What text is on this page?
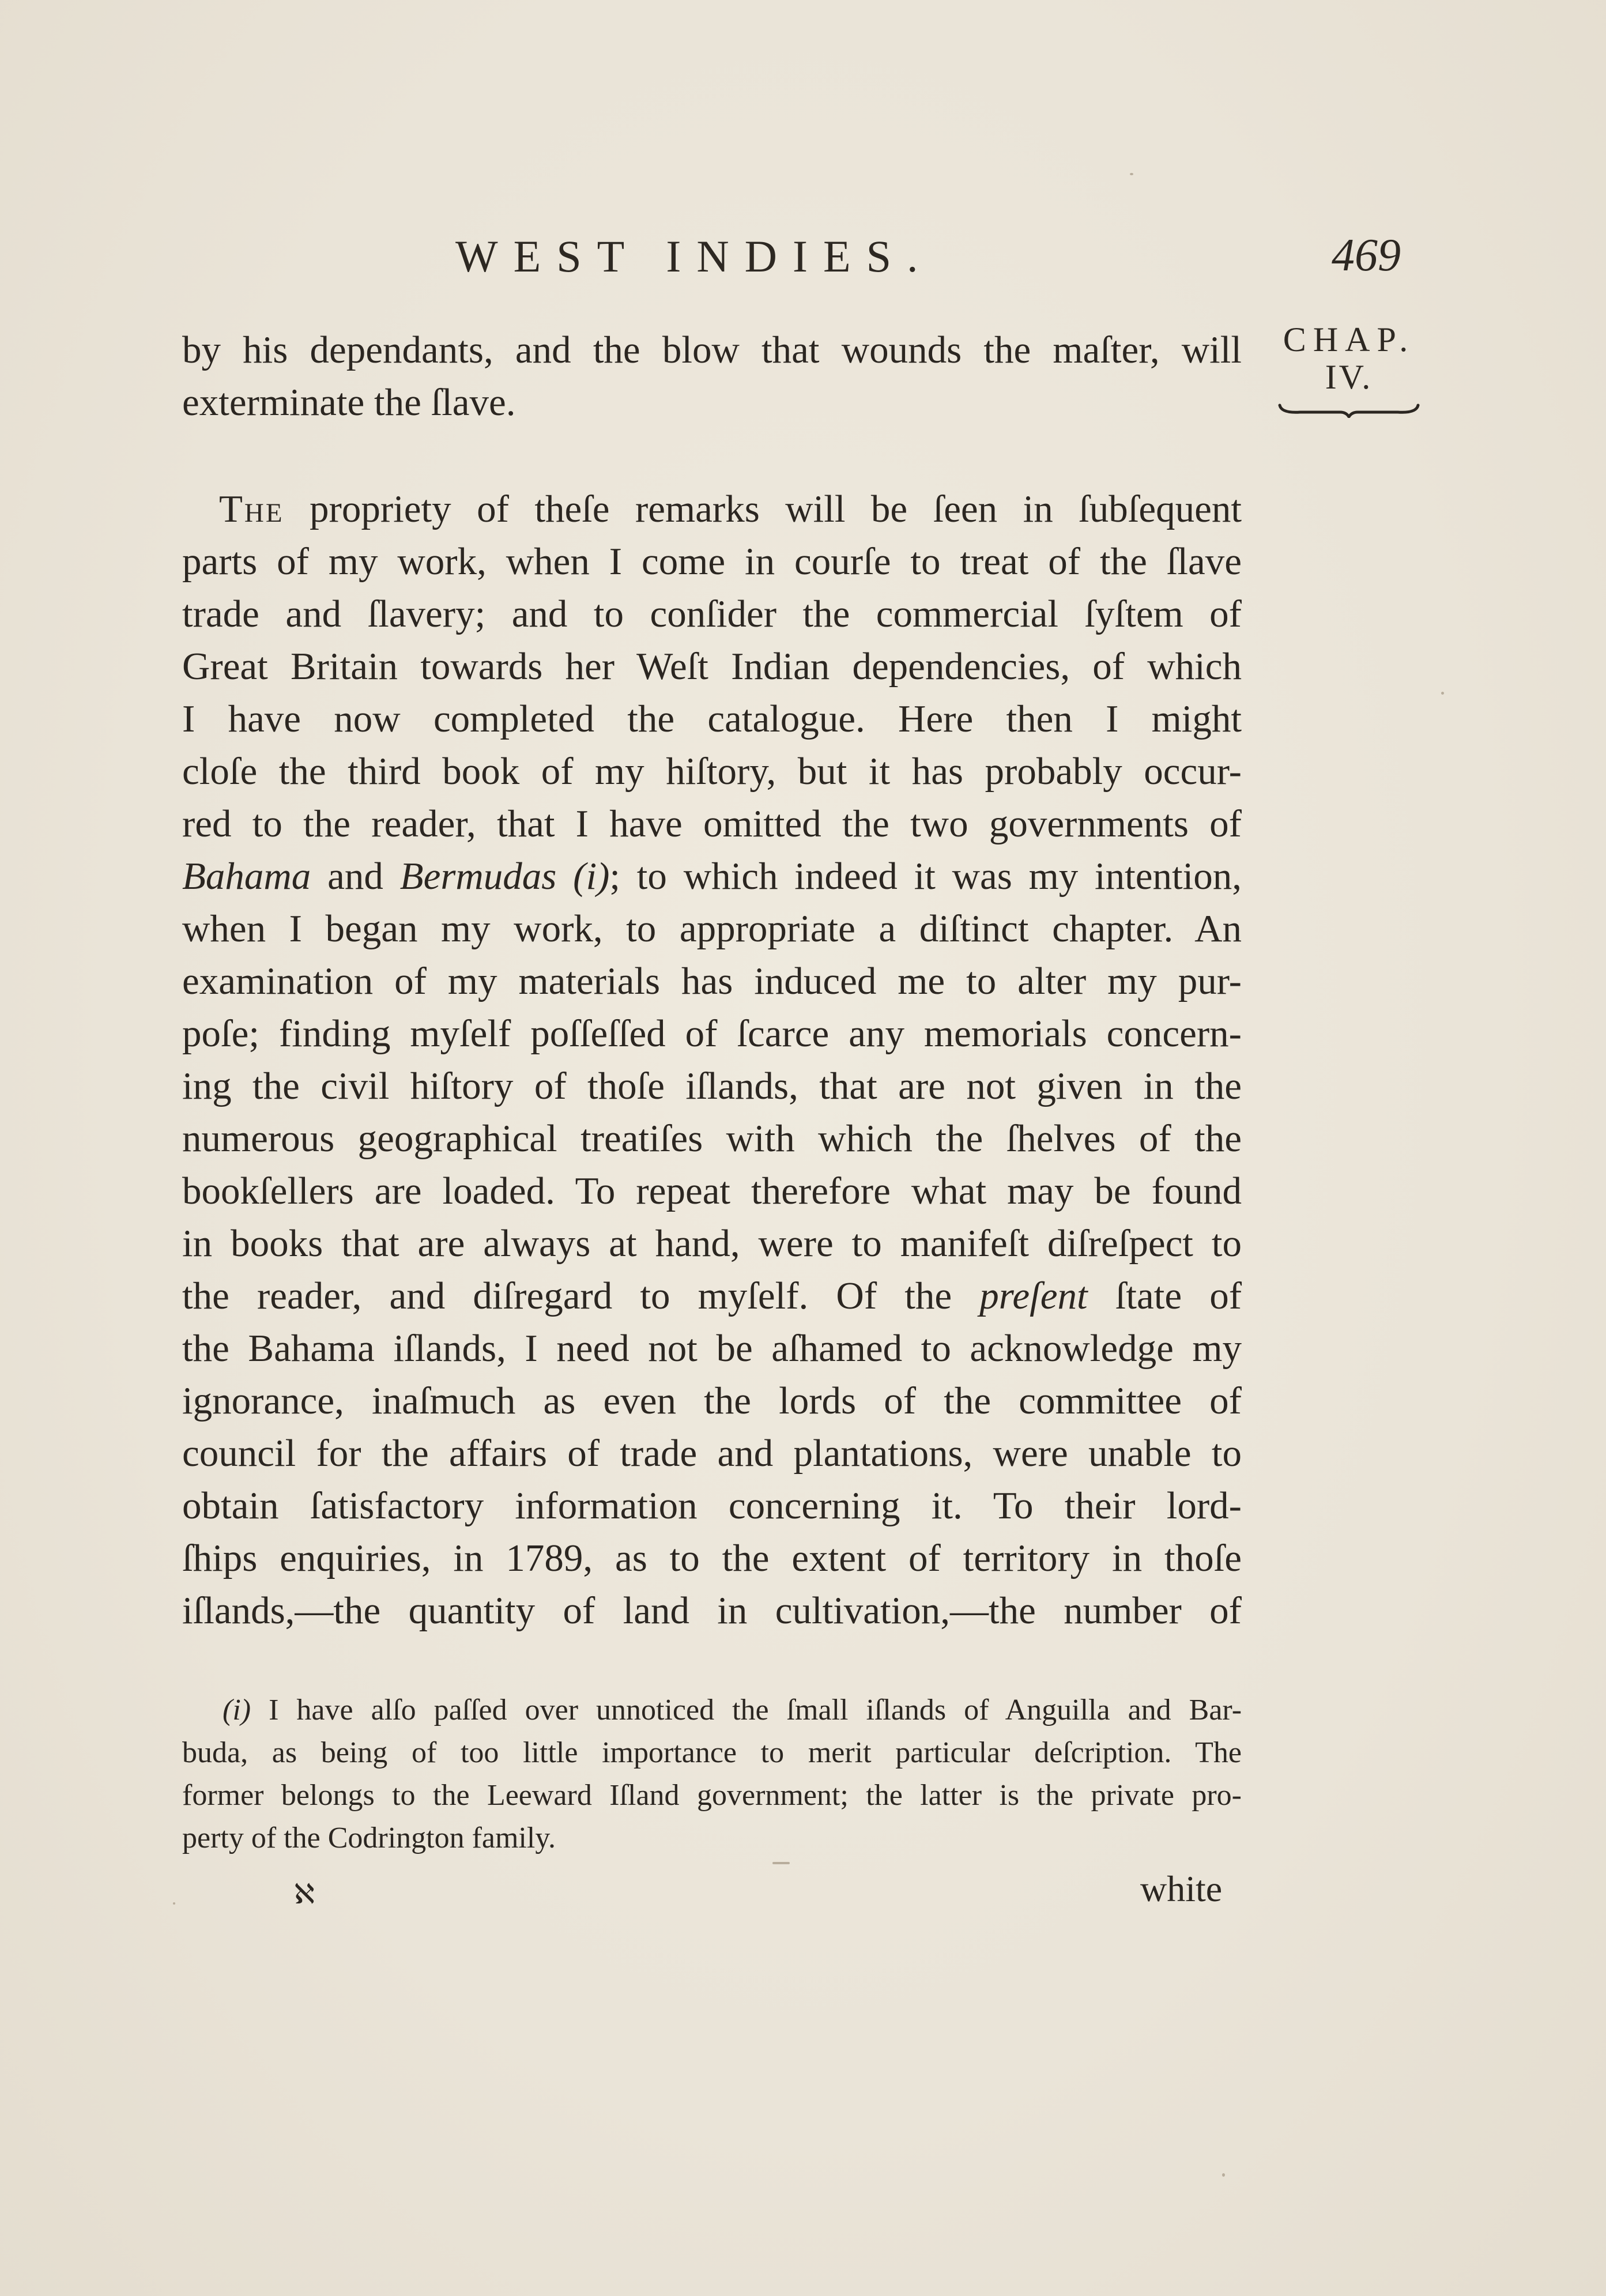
WEST INDIES.	469
CHAP.
IV.
by his dependants, and the blow that wounds the maſter, will
exterminate the ſlave.
The propriety of theſe remarks will be ſeen in ſubſequent
parts of my work, when I come in courſe to treat of the ſlave
trade and ſlavery; and to conſider the commercial ſyſtem of
Great Britain towards her Weſt Indian dependencies, of which
I have now completed the catalogue. Here then I might
cloſe the third book of my hiſtory, but it has probably occur-
red to the reader, that I have omitted the two governments of
Bahama and Bermudas (i); to which indeed it was my intention,
when I began my work, to appropriate a diſtinct chapter. An
examination of my materials has induced me to alter my pur-
poſe; finding myſelf poſſeſſed of ſcarce any memorials concern-
ing the civil hiſtory of thoſe iſlands, that are not given in the
numerous geographical treatiſes with which the ſhelves of the
bookſellers are loaded. To repeat therefore what may be found
in books that are always at hand, were to manifeſt diſreſpect to
the reader, and diſregard to myſelf. Of the preſent ſtate of
the Bahama iſlands, I need not be aſhamed to acknowledge my
ignorance, inaſmuch as even the lords of the committee of
council for the affairs of trade and plantations, were unable to
obtain ſatisfactory information concerning it. To their lord-
ſhips enquiries, in 1789, as to the extent of territory in thoſe
iſlands,—the quantity of land in cultivation,—the number of
(i) I have alſo paſſed over unnoticed the ſmall iſlands of Anguilla and Bar-
buda, as being of too little importance to merit particular deſcription. The
former belongs to the Leeward Iſland government; the latter is the private pro-
perty of the Codrington family.
ℵ	white
